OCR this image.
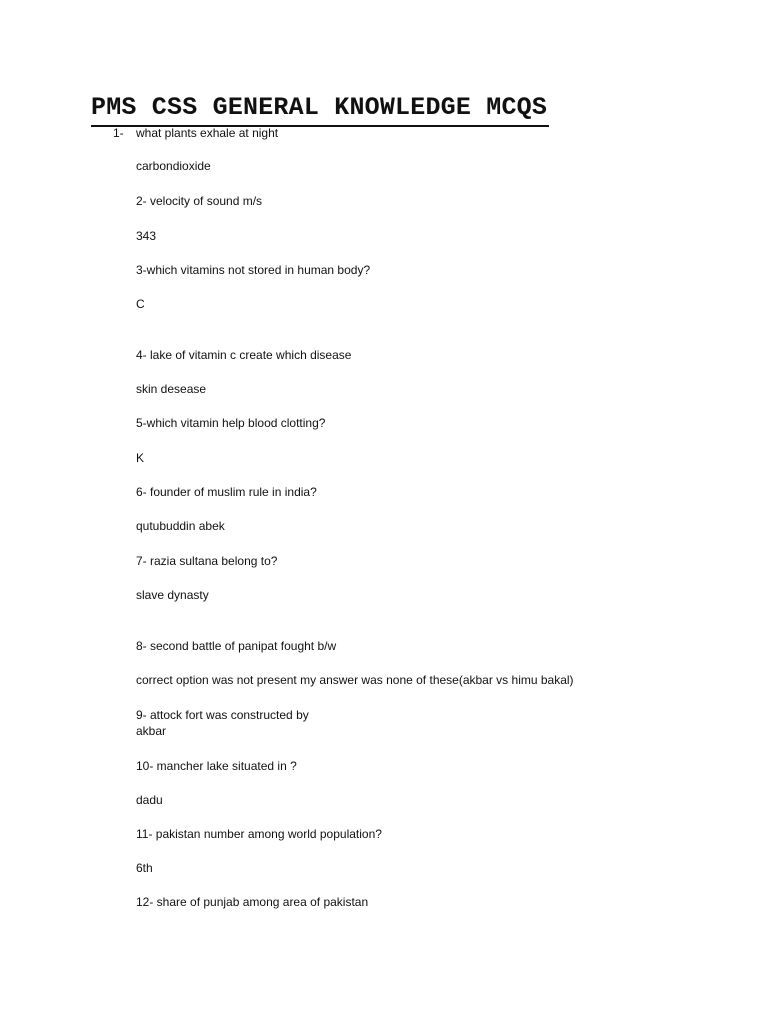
PMS CSS GENERAL KNOWLEDGE MCQS
1- what plants exhale at night
carbondioxide
2- velocity of sound m/s
343
3-which vitamins not stored in human body?
C
4- lake of vitamin c create which disease
skin desease
5-which vitamin help blood clotting?
K
6- founder of muslim rule in india?
qutubuddin abek
7- razia sultana belong to?
slave dynasty
8- second battle of panipat fought b/w
correct option was not present my answer was none of these(akbar vs himu bakal)
9- attock fort was constructed by
akbar
10- mancher lake situated in ?
dadu
11- pakistan number among world population?
6th
12- share of punjab among area of pakistan
